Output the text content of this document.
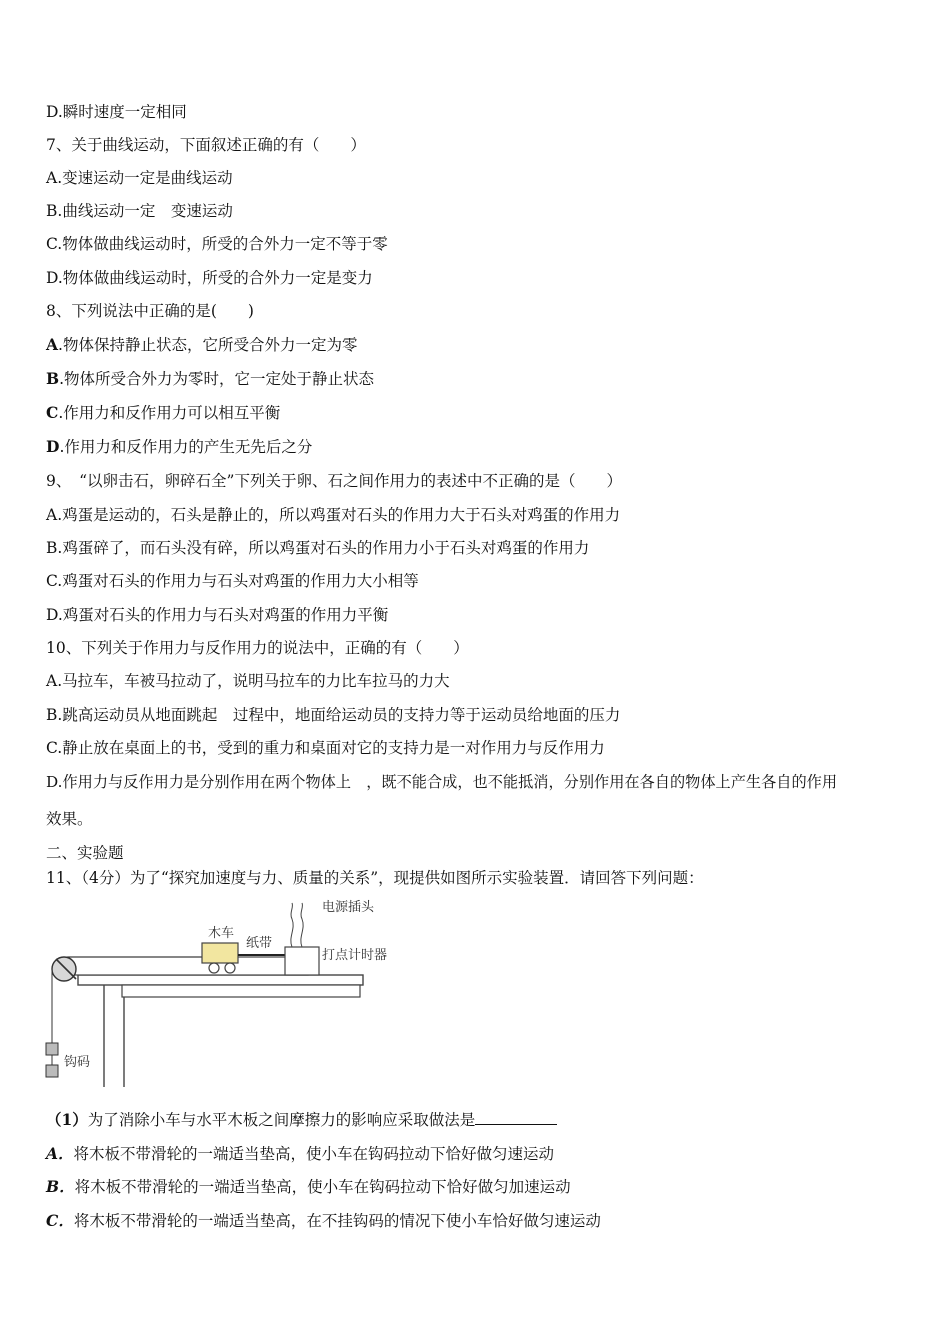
D.瞬时速度一定相同
7、关于曲线运动，下面叙述正确的有（　　）
A.变速运动一定是曲线运动
B.曲线运动一定　变速运动
C.物体做曲线运动时，所受的合外力一定不等于零
D.物体做曲线运动时，所受的合外力一定是变力
8、下列说法中正确的是(　　)
A.物体保持静止状态，它所受合外力一定为零
B.物体所受合外力为零时，它一定处于静止状态
C.作用力和反作用力可以相互平衡
D.作用力和反作用力的产生无先后之分
9、　“以卵击石，卵碎石全”下列关于卵、石之间作用力的表述中不正确的是（　　）
A.鸡蛋是运动的，石头是静止的，所以鸡蛋对石头的作用力大于石头对鸡蛋的作用力
B.鸡蛋碎了，而石头没有碎，所以鸡蛋对石头的作用力小于石头对鸡蛋的作用力
C.鸡蛋对石头的作用力与石头对鸡蛋的作用力大小相等
D.鸡蛋对石头的作用力与石头对鸡蛋的作用力平衡
10、下列关于作用力与反作用力的说法中，正确的有（　　）
A.马拉车，车被马拉动了，说明马拉车的力比车拉马的力大
B.跳高运动员从地面跳起　过程中，地面给运动员的支持力等于运动员给地面的压力
C.静止放在桌面上的书，受到的重力和桌面对它的支持力是一对作用力与反作用力
D.作用力与反作用力是分别作用在两个物体上　，既不能合成，也不能抵消，分别作用在各自的物体上产生各自的作用
效果。
二、实验题
11、（4分）为了“探究加速度与力、质量的关系”，现提供如图所示实验装置．请回答下列问题：
电源插头
木车
纸带
打点计时器
钩码
（1）为了消除小车与水平木板之间摩擦力的影响应采取做法是
A．将木板不带滑轮的一端适当垫高，使小车在钩码拉动下恰好做匀速运动
B．将木板不带滑轮的一端适当垫高，使小车在钩码拉动下恰好做匀加速运动
C．将木板不带滑轮的一端适当垫高，在不挂钩码的情况下使小车恰好做匀速运动
